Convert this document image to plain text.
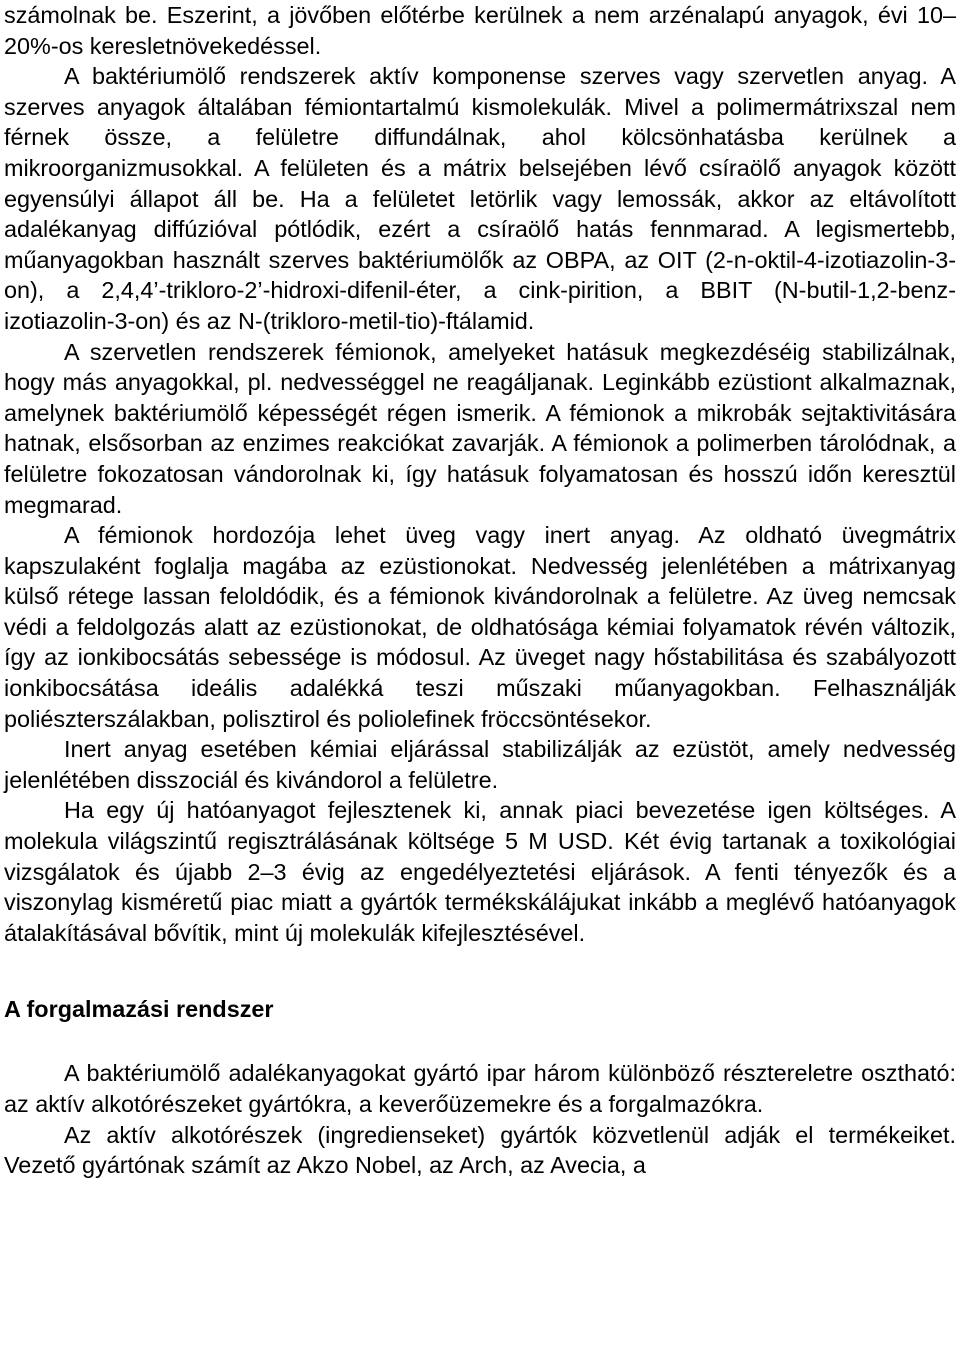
számolnak be. Eszerint, a jövőben előtérbe kerülnek a nem arzénalapú anyagok, évi 10–20%-os keresletnövekedéssel.

A baktériumölő rendszerek aktív komponense szerves vagy szervetlen anyag. A szerves anyagok általában fémiontartalmú kismolekulák. Mivel a polimermátrixszal nem férnek össze, a felületre diffundálnak, ahol kölcsönhatásba kerülnek a mikroorganizmusokkal. A felületen és a mátrix belsejében lévő csíraölő anyagok között egyensúlyi állapot áll be. Ha a felületet letörlik vagy lemossák, akkor az eltávolított adalékanyag diffúzióval pótlódik, ezért a csíraölő hatás fennmarad. A legismertebb, műanyagokban használt szerves baktériumölők az OBPA, az OIT (2-n-oktil-4-izotiazolin-3-on), a 2,4,4’-trikloro-2’-hidroxi-difenil-éter, a cink-pirition, a BBIT (N-butil-1,2-benz-izotiazolin-3-on) és az N-(trikloro-metil-tio)-ftálamid.

A szervetlen rendszerek fémionok, amelyeket hatásuk megkezdéséig stabilizálnak, hogy más anyagokkal, pl. nedvességgel ne reagáljanak. Leginkább ezüstiont alkalmaznak, amelynek baktériumölő képességét régen ismerik. A fémionok a mikrobák sejtaktivitására hatnak, elsősorban az enzimes reakciókat zavarják. A fémionok a polimerben tárolódnak, a felületre fokozatosan vándorolnak ki, így hatásuk folyamatosan és hosszú időn keresztül megmarad.

A fémionok hordozója lehet üveg vagy inert anyag. Az oldható üvegmátrix kapszulaként foglalja magába az ezüstionokat. Nedvesség jelenlétében a mátrixanyag külső rétege lassan feloldódik, és a fémionok kivándorolnak a felületre. Az üveg nemcsak védi a feldolgozás alatt az ezüstionokat, de oldhatósága kémiai folyamatok révén változik, így az ionkibocsátás sebessége is módosul. Az üveget nagy hőstabilitása és szabályozott ionkibocsátása ideális adalékká teszi műszaki műanyagokban. Felhasználják poliészterszálakban, polisztirol és poliolefinek fröccsöntésekor.

Inert anyag esetében kémiai eljárással stabilizálják az ezüstöt, amely nedvesség jelenlétében disszociál és kivándorol a felületre.

Ha egy új hatóanyagot fejlesztenek ki, annak piaci bevezetése igen költséges. A molekula világszintű regisztrálásának költsége 5 M USD. Két évig tartanak a toxikológiai vizsgálatok és újabb 2–3 évig az engedélyeztetési eljárások. A fenti tényezők és a viszonylag kisméretű piac miatt a gyártók termékskálájukat inkább a meglévő hatóanyagok átalakításával bővítik, mint új molekulák kifejlesztésével.

A forgalmazási rendszer

A baktériumölő adalékanyagokat gyártó ipar három különböző résztereletre osztható: az aktív alkotórészeket gyártókra, a keverőüzemekre és a forgalmazókra.

Az aktív alkotórészek (ingredienseket) gyártók közvetlenül adják el termékeiket. Vezető gyártónak számít az Akzo Nobel, az Arch, az Avecia, a
